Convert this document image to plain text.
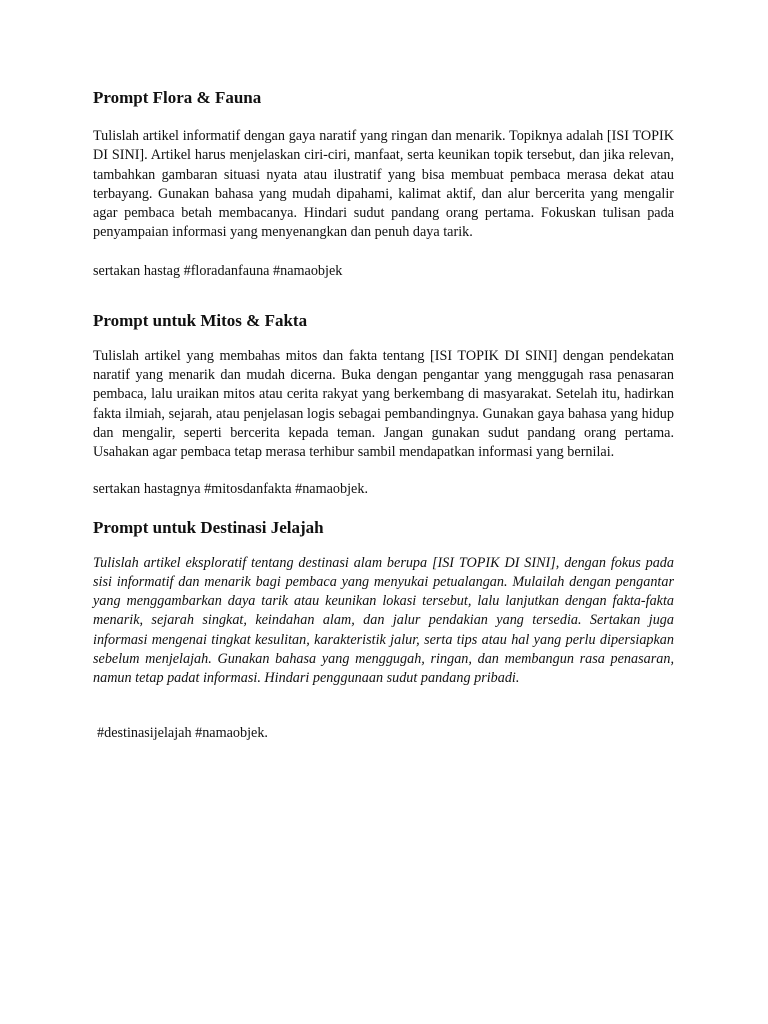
Prompt Flora & Fauna

Tulislah artikel informatif dengan gaya naratif yang ringan dan menarik. Topiknya adalah [ISI TOPIK DI SINI]. Artikel harus menjelaskan ciri-ciri, manfaat, serta keunikan topik tersebut, dan jika relevan, tambahkan gambaran situasi nyata atau ilustratif yang bisa membuat pembaca merasa dekat atau terbayang. Gunakan bahasa yang mudah dipahami, kalimat aktif, dan alur bercerita yang mengalir agar pembaca betah membacanya. Hindari sudut pandang orang pertama. Fokuskan tulisan pada penyampaian informasi yang menyenangkan dan penuh daya tarik.

sertakan hastag #floradanfauna #namaobjek

Prompt untuk Mitos & Fakta

Tulislah artikel yang membahas mitos dan fakta tentang [ISI TOPIK DI SINI] dengan pendekatan naratif yang menarik dan mudah dicerna. Buka dengan pengantar yang menggugah rasa penasaran pembaca, lalu uraikan mitos atau cerita rakyat yang berkembang di masyarakat. Setelah itu, hadirkan fakta ilmiah, sejarah, atau penjelasan logis sebagai pembandingnya. Gunakan gaya bahasa yang hidup dan mengalir, seperti bercerita kepada teman. Jangan gunakan sudut pandang orang pertama. Usahakan agar pembaca tetap merasa terhibur sambil mendapatkan informasi yang bernilai.

sertakan hastagnya #mitosdanfakta #namaobjek.

Prompt untuk Destinasi Jelajah

Tulislah artikel eksploratif tentang destinasi alam berupa [ISI TOPIK DI SINI], dengan fokus pada sisi informatif dan menarik bagi pembaca yang menyukai petualangan. Mulailah dengan pengantar yang menggambarkan daya tarik atau keunikan lokasi tersebut, lalu lanjutkan dengan fakta-fakta menarik, sejarah singkat, keindahan alam, dan jalur pendakian yang tersedia. Sertakan juga informasi mengenai tingkat kesulitan, karakteristik jalur, serta tips atau hal yang perlu dipersiapkan sebelum menjelajah. Gunakan bahasa yang menggugah, ringan, dan membangun rasa penasaran, namun tetap padat informasi. Hindari penggunaan sudut pandang pribadi.

#destinasijelajah #namaobjek.
